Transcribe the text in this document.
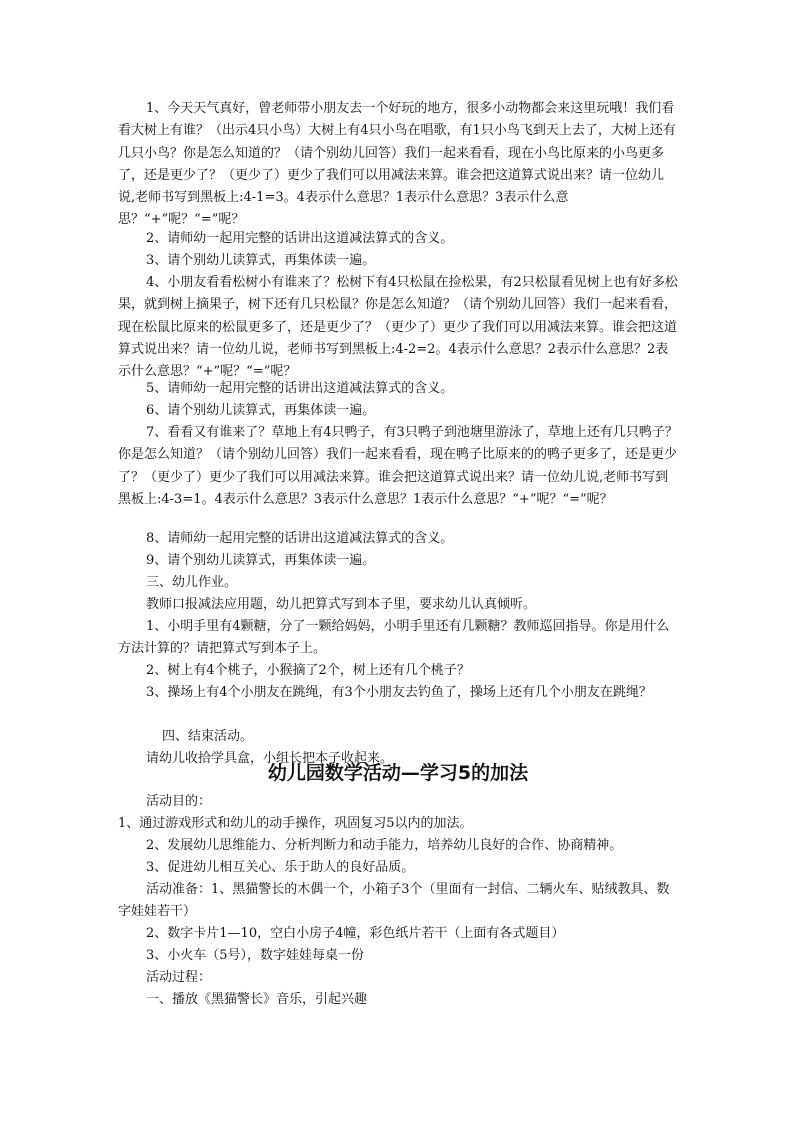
1、今天天气真好，曾老师带小朋友去一个好玩的地方，很多小动物都会来这里玩哦！我们看看大树上有谁？（出示4只小鸟）大树上有4只小鸟在唱歌，有1只小鸟飞到天上去了，大树上还有几只小鸟？你是怎么知道的？（请个别幼儿回答）我们一起来看看，现在小鸟比原来的小鸟更多了，还是更少了？（更少了）更少了我们可以用减法来算。谁会把这道算式说出来？请一位幼儿说,老师书写到黑板上:4-1=3。4表示什么意思？1表示什么意思？3表示什么意思？“+”呢？“=”呢？

2、请师幼一起用完整的话讲出这道减法算式的含义。

3、请个别幼儿读算式，再集体读一遍。

4、小朋友看看松树小有谁来了？松树下有4只松鼠在捡松果，有2只松鼠看见树上也有好多松果，就到树上摘果子，树下还有几只松鼠？你是怎么知道？（请个别幼儿回答）我们一起来看看，现在松鼠比原来的松鼠更多了，还是更少了？（更少了）更少了我们可以用减法来算。谁会把这道算式说出来？请一位幼儿说，老师书写到黑板上:4-2=2。4表示什么意思？2表示什么意思？2表示什么意思？“+”呢？“=”呢？

5、请师幼一起用完整的话讲出这道减法算式的含义。

6、请个别幼儿读算式，再集体读一遍。

7、看看又有谁来了？草地上有4只鸭子，有3只鸭子到池塘里游泳了，草地上还有几只鸭子？你是怎么知道？（请个别幼儿回答）我们一起来看看，现在鸭子比原来的的鸭子更多了，还是更少了？（更少了）更少了我们可以用减法来算。谁会把这道算式说出来？请一位幼儿说,老师书写到黑板上:4-3=1。4表示什么意思？3表示什么意思？1表示什么意思？“+”呢？“=”呢？

8、请师幼一起用完整的话讲出这道减法算式的含义。

9、请个别幼儿读算式，再集体读一遍。

三、幼儿作业。

教师口报减法应用题，幼儿把算式写到本子里，要求幼儿认真倾听。

1、小明手里有4颗糖，分了一颗给妈妈，小明手里还有几颗糖？教师巡回指导。你是用什么方法计算的？请把算式写到本子上。

2、树上有4个桃子，小猴摘了2个，树上还有几个桃子？

3、操场上有4个小朋友在跳绳，有3个小朋友去钓鱼了，操场上还有几个小朋友在跳绳？

四、结束活动。

请幼儿收拾学具盒，小组长把本子收起来。

幼儿园数学活动—学习5的加法

活动目的：

1、通过游戏形式和幼儿的动手操作，巩固复习5以内的加法。

2、发展幼儿思维能力、分析判断力和动手能力，培养幼儿良好的合作、协商精神。

3、促进幼儿相互关心、乐于助人的良好品质。

活动准备：1、黑猫警长的木偶一个，小箱子3个（里面有一封信、二辆火车、贴绒教具、数字娃娃若干）

2、数字卡片1—10，空白小房子4幢，彩色纸片若干（上面有各式题目）

3、小火车（5号），数字娃娃每桌一份

活动过程：

一、播放《黑猫警长》音乐，引起兴趣
